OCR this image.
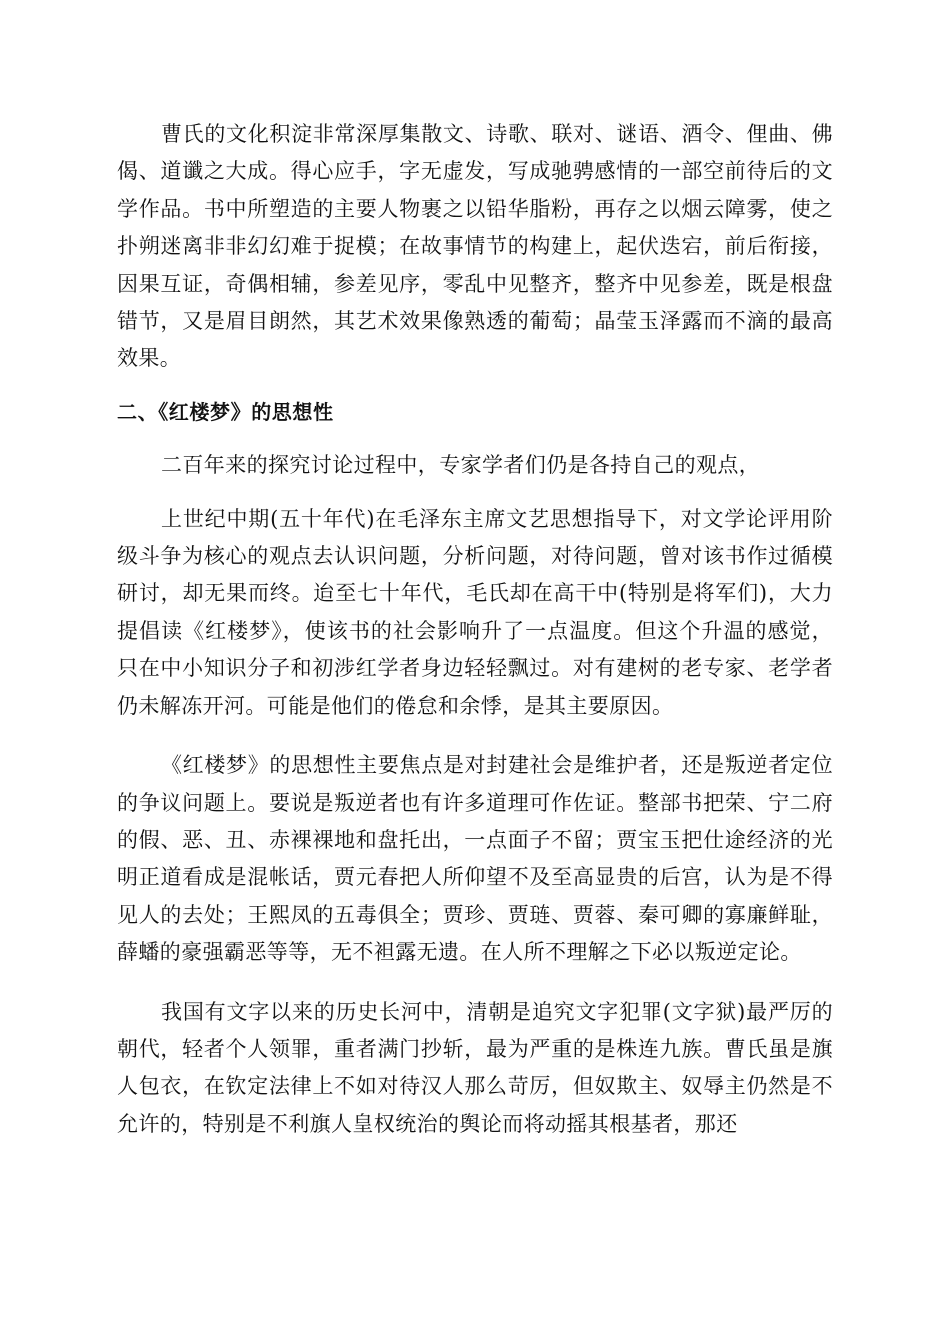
曹氏的文化积淀非常深厚集散文、诗歌、联对、谜语、酒令、俚曲、佛偈、道谶之大成。得心应手，字无虚发，写成驰骋感情的一部空前待后的文学作品。书中所塑造的主要人物裹之以铅华脂粉，再存之以烟云障雾，使之扑朔迷离非非幻幻难于捉模；在故事情节的构建上，起伏迭宕，前后衔接，因果互证，奇偶相辅，参差见序，零乱中见整齐，整齐中见参差，既是根盘错节，又是眉目朗然，其艺术效果像熟透的葡萄；晶莹玉泽露而不滴的最高效果。

二、《红楼梦》的思想性

二百年来的探究讨论过程中，专家学者们仍是各持自己的观点，

上世纪中期(五十年代)在毛泽东主席文艺思想指导下，对文学论评用阶级斗争为核心的观点去认识问题，分析问题，对待问题，曾对该书作过循模研讨，却无果而终。迨至七十年代，毛氏却在高干中(特别是将军们)，大力提倡读《红楼梦》，使该书的社会影响升了一点温度。但这个升温的感觉，只在中小知识分子和初涉红学者身边轻轻飘过。对有建树的老专家、老学者仍未解冻开河。可能是他们的倦怠和余悸，是其主要原因。

《红楼梦》的思想性主要焦点是对封建社会是维护者，还是叛逆者定位的争议问题上。要说是叛逆者也有许多道理可作佐证。整部书把荣、宁二府的假、恶、丑、赤裸裸地和盘托出，一点面子不留；贾宝玉把仕途经济的光明正道看成是混帐话，贾元春把人所仰望不及至高显贵的后宫，认为是不得见人的去处；王熙凤的五毒俱全；贾珍、贾琏、贾蓉、秦可卿的寡廉鲜耻，薛蟠的豪强霸恶等等，无不袒露无遗。在人所不理解之下必以叛逆定论。

我国有文字以来的历史长河中，清朝是追究文字犯罪(文字狱)最严厉的朝代，轻者个人领罪，重者满门抄斩，最为严重的是株连九族。曹氏虽是旗人包衣，在钦定法律上不如对待汉人那么苛厉，但奴欺主、奴辱主仍然是不允许的，特别是不利旗人皇权统治的舆论而将动摇其根基者，那还
